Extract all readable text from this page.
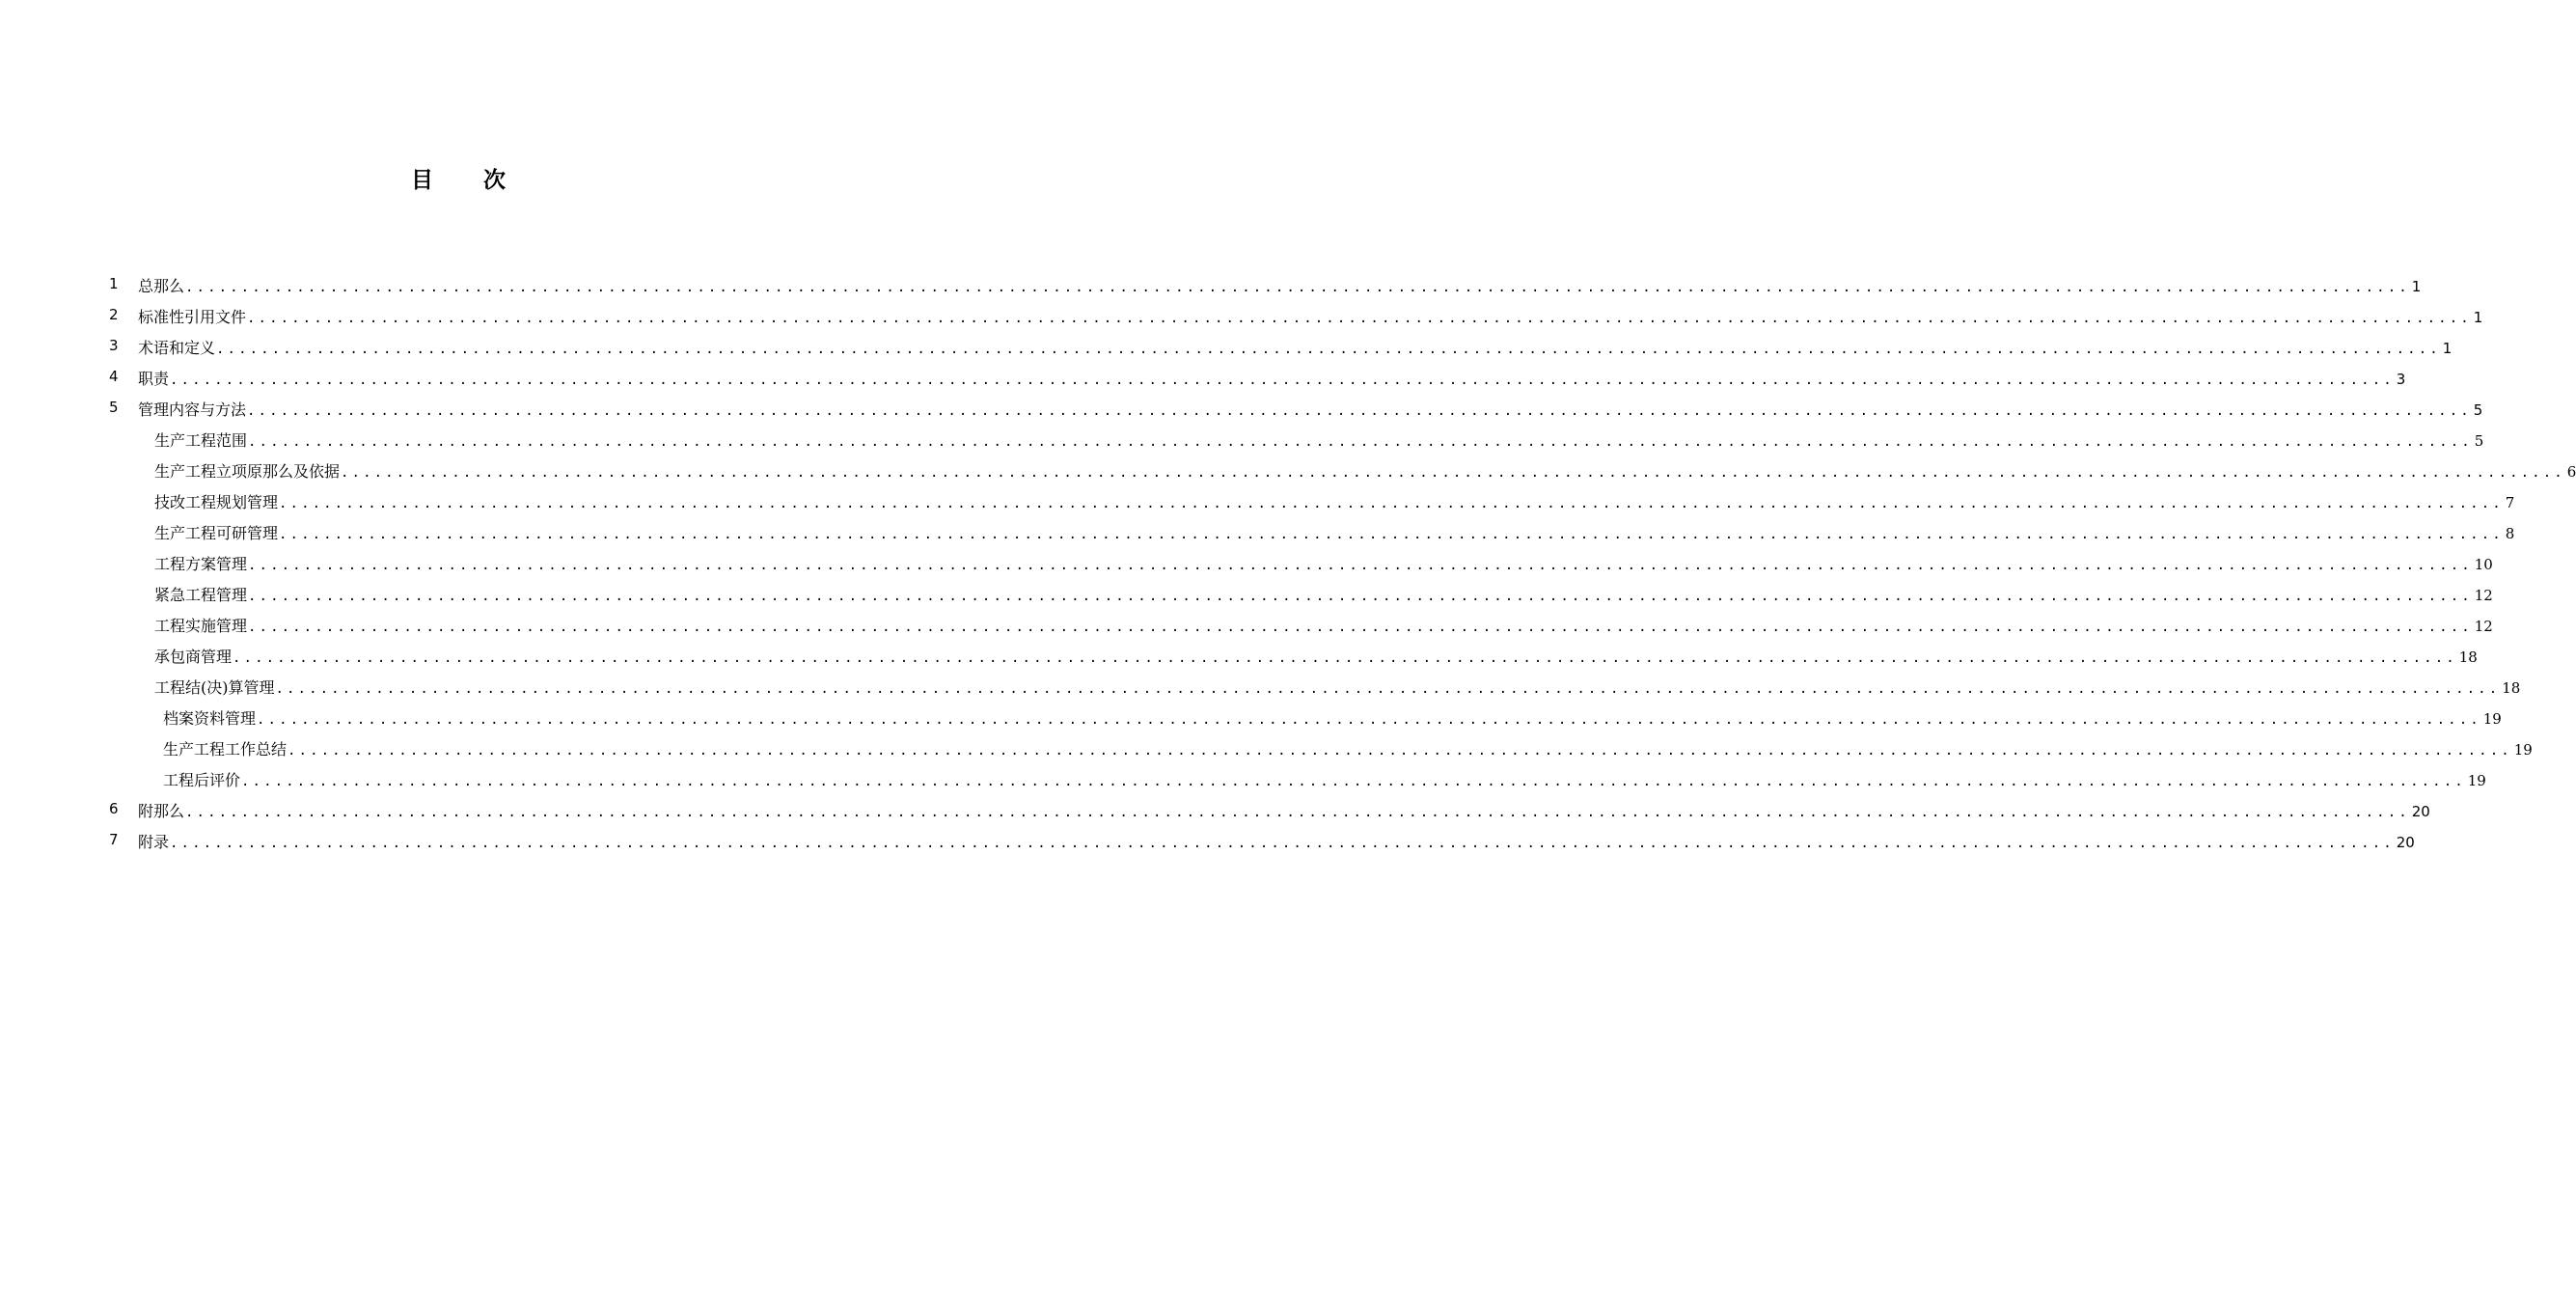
目 次
1 总那么 ........................................................................................................................................................................................................ 1
2 标准性引用文件 ........................................................................................................................................................................................................ 1
3 术语和定义 ........................................................................................................................................................................................................ 1
4 职责 ........................................................................................................................................................................................................ 3
5 管理内容与方法 ........................................................................................................................................................................................................ 5
生产工程范围 ........................................................................................................................................................................................................ 5
生产工程立项原那么及依据 ........................................................................................................................................................................................................ 6
技改工程规划管理 ........................................................................................................................................................................................................ 7
生产工程可研管理 ........................................................................................................................................................................................................ 8
工程方案管理 ........................................................................................................................................................................................................ 10
紧急工程管理 ........................................................................................................................................................................................................ 12
工程实施管理 ........................................................................................................................................................................................................ 12
承包商管理 ........................................................................................................................................................................................................ 18
工程结(决)算管理 ........................................................................................................................................................................................................ 18
档案资料管理 ........................................................................................................................................................................................................ 19
生产工程工作总结 ........................................................................................................................................................................................................ 19
工程后评价 ........................................................................................................................................................................................................ 19
6 附那么 ........................................................................................................................................................................................................ 20
7 附录 ........................................................................................................................................................................................................ 20
